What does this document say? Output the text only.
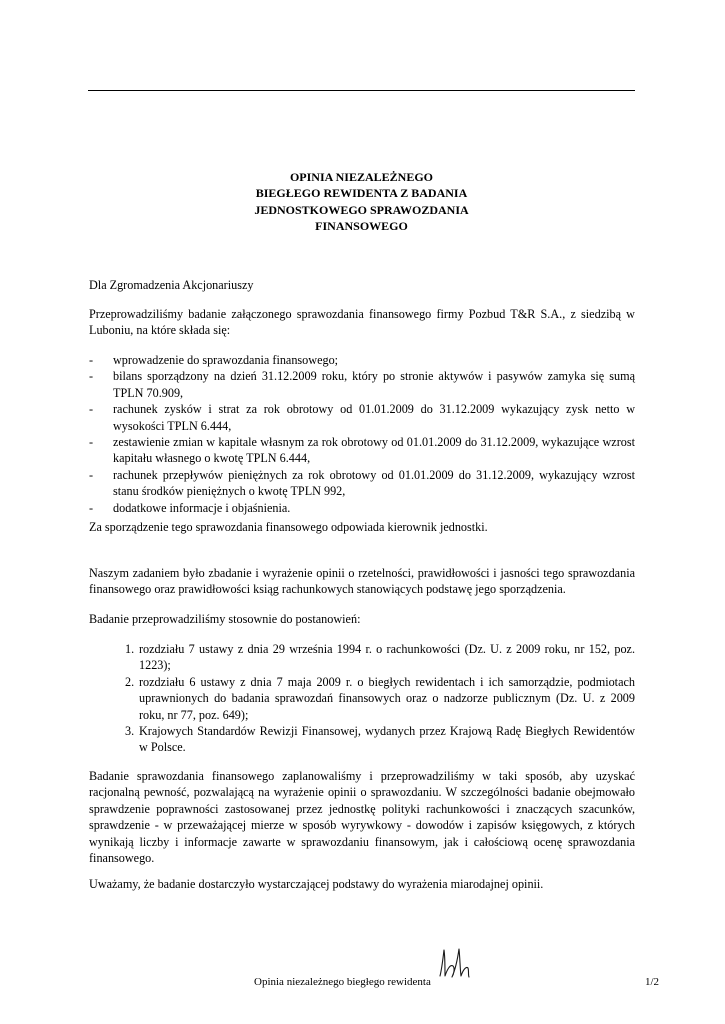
OPINIA NIEZALEŻNEGO
BIEGŁEGO REWIDENTA Z BADANIA
JEDNOSTKOWEGO SPRAWOZDANIA
FINANSOWEGO
Dla Zgromadzenia Akcjonariuszy
Przeprowadziliśmy badanie załączonego sprawozdania finansowego firmy Pozbud T&R S.A., z siedzibą w
Luboniu, na które składa się:
- wprowadzenie do sprawozdania finansowego;
- bilans sporządzony na dzień 31.12.2009 roku, który po stronie aktywów i pasywów zamyka się sumą TPLN 70.909,
- rachunek zysków i strat za rok obrotowy od 01.01.2009 do 31.12.2009 wykazujący zysk netto w wysokości TPLN 6.444,
- zestawienie zmian w kapitale własnym za rok obrotowy od 01.01.2009 do 31.12.2009, wykazujące wzrost kapitału własnego o kwotę TPLN 6.444,
- rachunek przepływów pieniężnych za rok obrotowy od 01.01.2009 do 31.12.2009, wykazujący wzrost stanu środków pieniężnych o kwotę TPLN 992,
- dodatkowe informacje i objaśnienia.
Za sporządzenie tego sprawozdania finansowego odpowiada kierownik jednostki.
Naszym zadaniem było zbadanie i wyrażenie opinii o rzetelności, prawidłowości i jasności tego sprawozdania
finansowego oraz prawidłowości ksiąg rachunkowych stanowiących podstawę jego sporządzenia.
Badanie przeprowadziliśmy stosownie do postanowień:
1. rozdziału 7 ustawy z dnia 29 września 1994 r. o rachunkowości (Dz. U. z 2009 roku, nr 152, poz. 1223);
2. rozdziału 6 ustawy z dnia 7 maja 2009 r. o biegłych rewidentach i ich samorządzie, podmiotach uprawnionych do badania sprawozdań finansowych oraz o nadzorze publicznym (Dz. U. z 2009 roku, nr 77, poz. 649);
3. Krajowych Standardów Rewizji Finansowej, wydanych przez Krajową Radę Biegłych Rewidentów w Polsce.
Badanie sprawozdania finansowego zaplanowaliśmy i przeprowadziliśmy w taki sposób, aby uzyskać
racjonalną pewność, pozwalającą na wyrażenie opinii o sprawozdaniu. W szczególności badanie obejmowało
sprawdzenie poprawności zastosowanej przez jednostkę polityki rachunkowości i znaczących szacunków,
sprawdzenie - w przeważającej mierze w sposób wyrywkowy - dowodów i zapisów księgowych, z których
wynikają liczby i informacje zawarte w sprawozdaniu finansowym, jak i całościową ocenę sprawozdania
finansowego.
Uważamy, że badanie dostarczyło wystarczającej podstawy do wyrażenia miarodajnej opinii.
Opinia niezależnego biegłego rewidenta	1/2
